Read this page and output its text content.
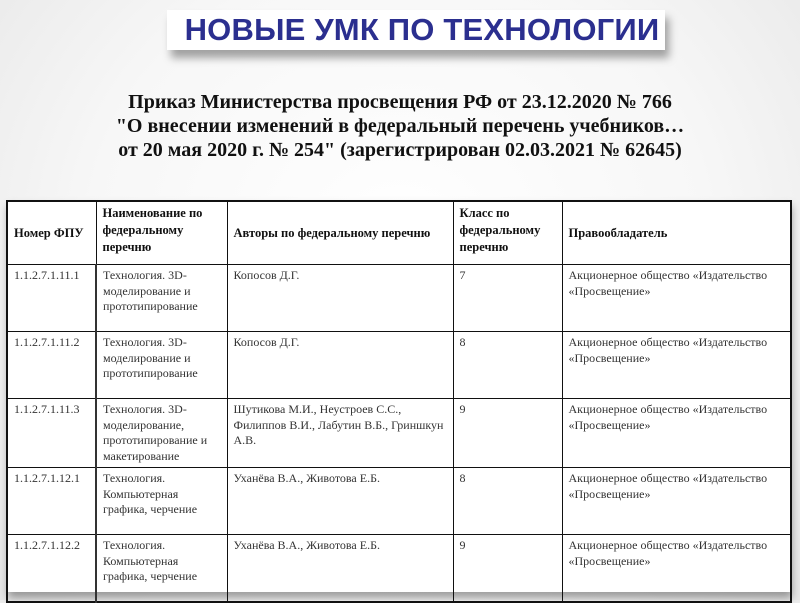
НОВЫЕ УМК ПО ТЕХНОЛОГИИ
Приказ Министерства просвещения РФ от 23.12.2020 № 766
"О внесении изменений в федеральный перечень учебников…
от 20 мая 2020 г. № 254" (зарегистрирован 02.03.2021 № 62645)
Номер ФПУ	Наименование по федеральному перечню	Авторы по федеральному перечню	Класс по федеральному перечню	Правообладатель
1.1.2.7.1.11.1	Технология. 3D-моделирование и прототипирование	Копосов Д.Г.	7	Акционерное общество «Издательство «Просвещение»
1.1.2.7.1.11.2	Технология. 3D-моделирование и прототипирование	Копосов Д.Г.	8	Акционерное общество «Издательство «Просвещение»
1.1.2.7.1.11.3	Технология. 3D-моделирование, прототипирование и макетирование	Шутикова М.И., Неустроев С.С., Филиппов В.И., Лабутин В.Б., Гриншкун А.В.	9	Акционерное общество «Издательство «Просвещение»
1.1.2.7.1.12.1	Технология. Компьютерная графика, черчение	Уханёва В.А., Животова Е.Б.	8	Акционерное общество «Издательство «Просвещение»
1.1.2.7.1.12.2	Технология. Компьютерная графика, черчение	Уханёва В.А., Животова Е.Б.	9	Акционерное общество «Издательство «Просвещение»
